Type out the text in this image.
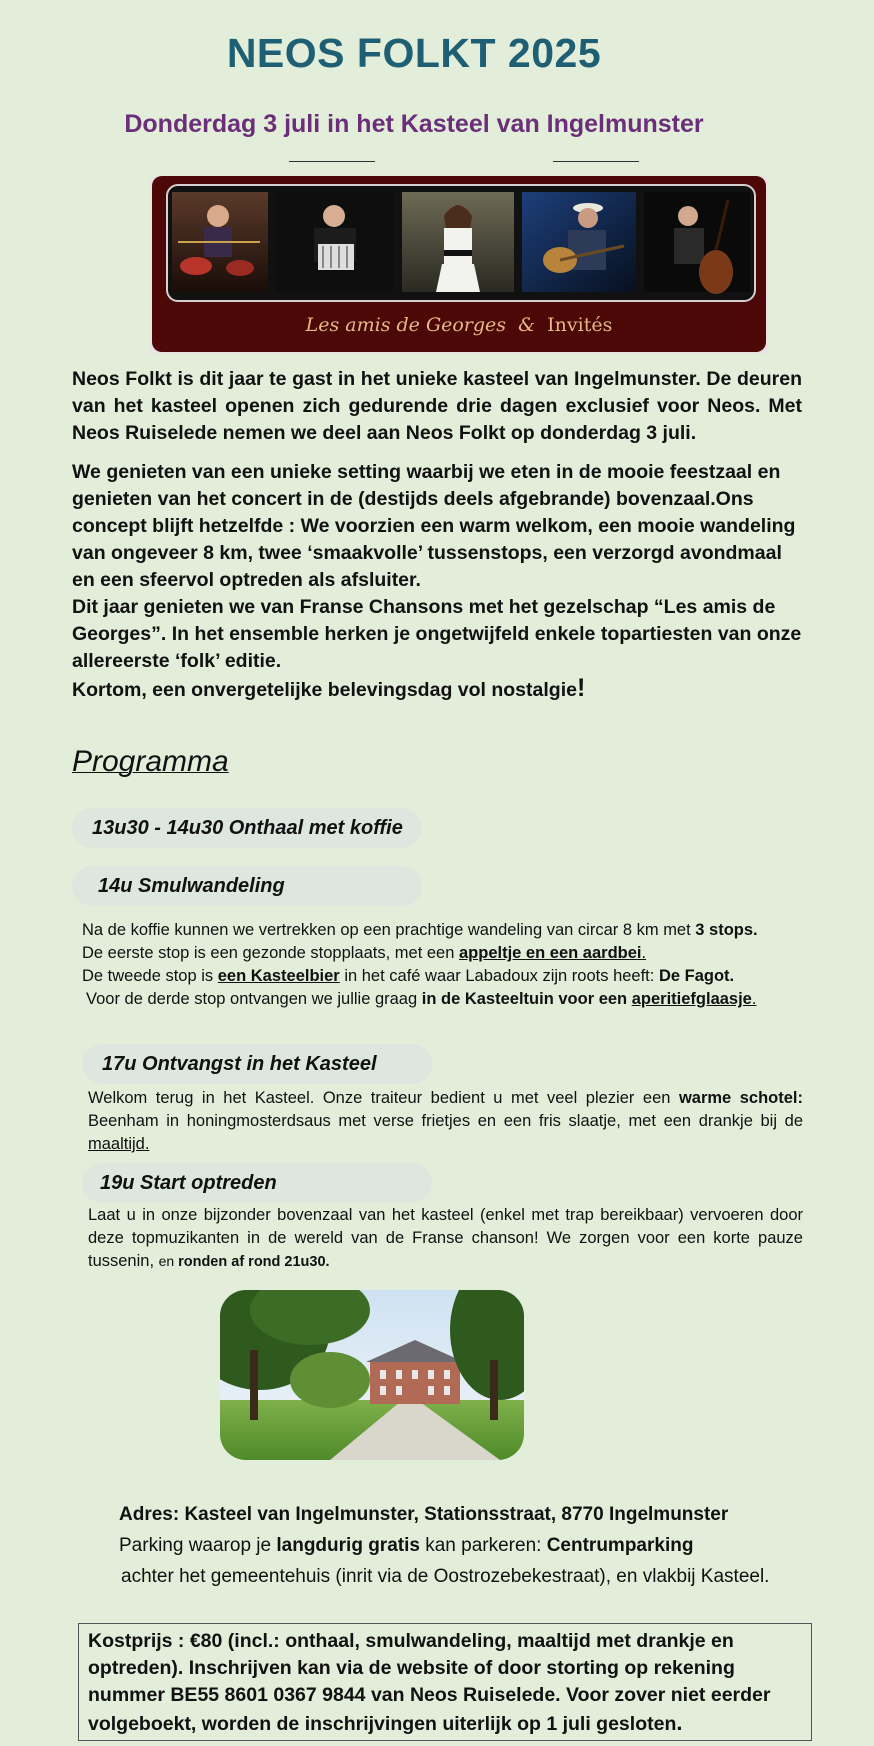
NEOS FOLKT 2025
Donderdag 3 juli in het Kasteel van Ingelmunster
Les amis de Georges & Invités

Neos Folkt is dit jaar te gast in het unieke kasteel van Ingelmunster. De deuren van het kasteel openen zich gedurende drie dagen exclusief voor Neos. Met Neos Ruiselede nemen we deel aan Neos Folkt op donderdag 3 juli.

We genieten van een unieke setting waarbij we eten in de mooie feestzaal en genieten van het concert in de (destijds deels afgebrande) bovenzaal.Ons concept blijft hetzelfde : We voorzien een warm welkom, een mooie wandeling van ongeveer 8 km, twee ‘smaakvolle’ tussenstops, een verzorgd avondmaal en een sfeervol optreden als afsluiter.

Dit jaar genieten we van Franse Chansons met het gezelschap “Les amis de Georges”. In het ensemble herken je ongetwijfeld enkele topartiesten van onze allereerste ‘folk’ editie.

Kortom, een onvergetelijke belevingsdag vol nostalgie!

Programma
13u30 - 14u30 Onthaal met koffie
14u Smulwandeling

Na de koffie kunnen we vertrekken op een prachtige wandeling van circar 8 km met 3 stops.

De eerste stop is een gezonde stopplaats, met een appeltje en een aardbei.

De tweede stop is een Kasteelbier in het café waar Labadoux zijn roots heeft: De Fagot.

Voor de derde stop ontvangen we jullie graag in de Kasteeltuin voor een aperitiefglaasje.

17u Ontvangst in het Kasteel
Welkom terug in het Kasteel. Onze traiteur bedient u met veel plezier een warme schotel: Beenham in honingmosterdsaus met verse frietjes en een fris slaatje, met een drankje bij de maaltijd.
19u Start optreden
Laat u in onze bijzonder bovenzaal van het kasteel (enkel met trap bereikbaar) vervoeren door deze topmuzikanten in de wereld van de Franse chanson! We zorgen voor een korte pauze tussenin, en ronden af rond 21u30.
Adres: Kasteel van Ingelmunster, Stationsstraat, 8770 Ingelmunster
Parking waarop je langdurig gratis kan parkeren: Centrumparking
achter het gemeentehuis (inrit via de Oostrozebekestraat), en vlakbij Kasteel.
Kostprijs : €80 (incl.: onthaal, smulwandeling, maaltijd met drankje en optreden). Inschrijven kan via de website of door storting op rekening nummer BE55 8601 0367 9844 van Neos Ruiselede. Voor zover niet eerder volgeboekt, worden de inschrijvingen uiterlijk op 1 juli gesloten.
